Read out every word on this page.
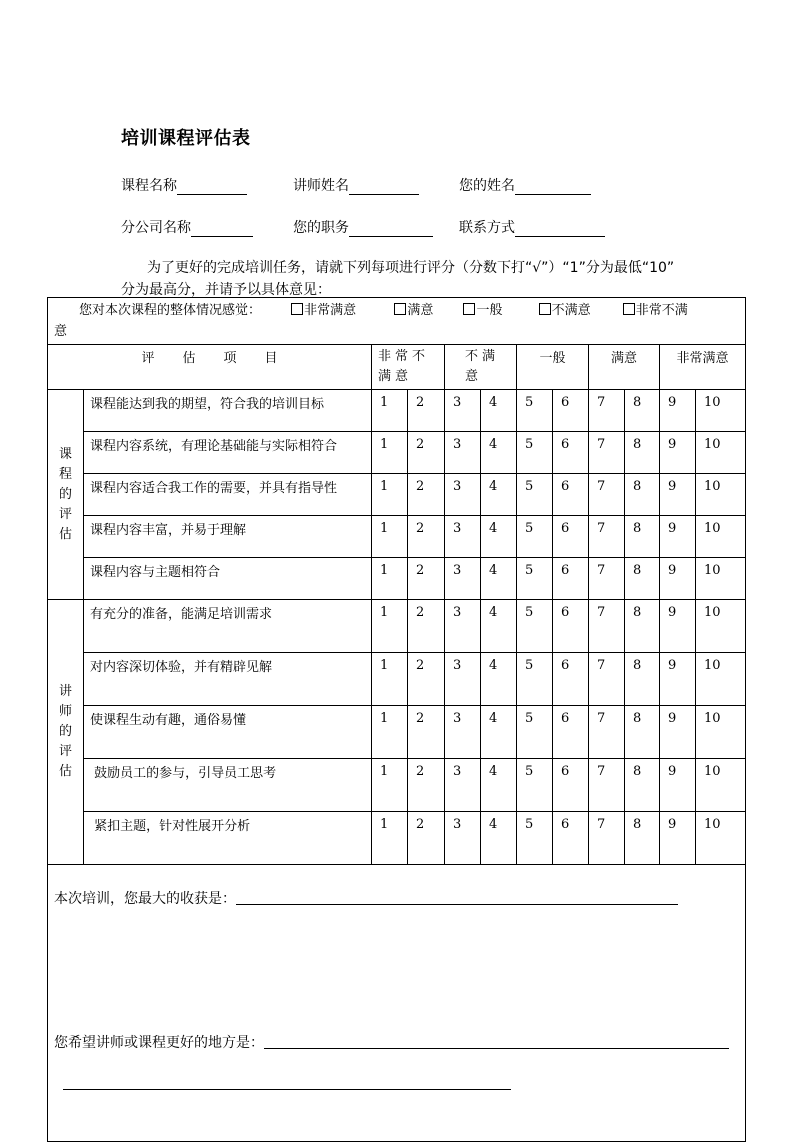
培训课程评估表
课程名称	讲师姓名	您的姓名
分公司名称	您的职务	联系方式
为了更好的完成培训任务，请就下列每项进行评分（分数下打“√”）“1”分为最低“10”
分为最高分，并请予以具体意见：
您对本次课程的整体情况感觉： 非常满意 满意 一般 不满意 非常不满
意											
评估项目		非常不满意		不满意		一般		满意		非常满意	

课
程
的
评
估	课程能达到我的期望，符合我的培训目标	1	2	3	4	5	6	7	8	9	10
	课程内容系统，有理论基础能与实际相符合	1	2	3	4	5	6	7	8	9	10
	课程内容适合我工作的需要，并具有指导性	1	2	3	4	5	6	7	8	9	10
	课程内容丰富，并易于理解	1	2	3	4	5	6	7	8	9	10
	课程内容与主题相符合	1	2	3	4	5	6	7	8	9	10

讲
师
的
评
估	有充分的准备，能满足培训需求	1	2	3	4	5	6	7	8	9	10
	对内容深切体验，并有精辟见解	1	2	3	4	5	6	7	8	9	10
	使课程生动有趣，通俗易懂	1	2	3	4	5	6	7	8	9	10
	鼓励员工的参与，引导员工思考	1	2	3	4	5	6	7	8	9	10
	紧扣主题，针对性展开分析	1	2	3	4	5	6	7	8	9	10

本次培训，您最大的收获是：
您希望讲师或课程更好的地方是：											
